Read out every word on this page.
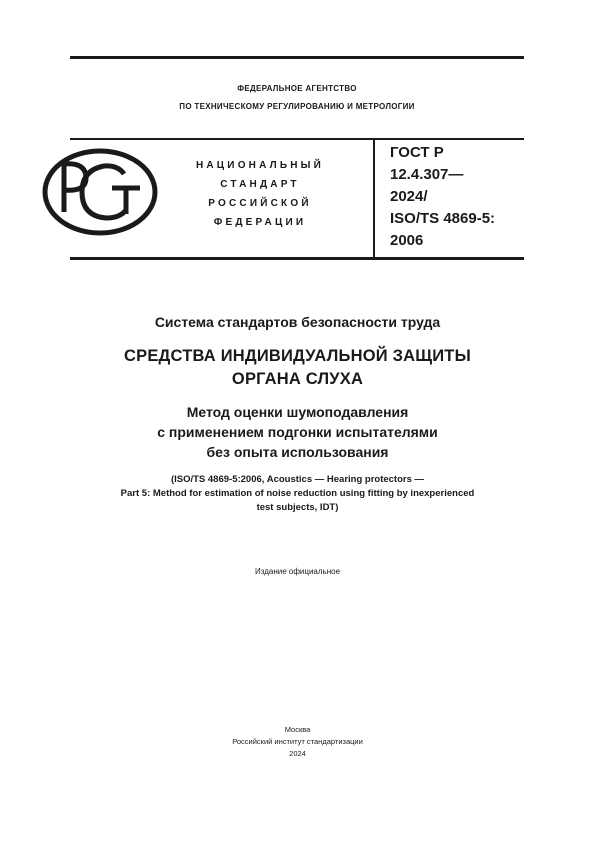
ФЕДЕРАЛЬНОЕ АГЕНТСТВО
ПО ТЕХНИЧЕСКОМУ РЕГУЛИРОВАНИЮ И МЕТРОЛОГИИ
НАЦИОНАЛЬНЫЙ
СТАНДАРТ
РОССИЙСКОЙ
ФЕДЕРАЦИИ
ГОСТ Р
12.4.307—
2024/
ISO/TS 4869-5:
2006
Система стандартов безопасности труда
СРЕДСТВА ИНДИВИДУАЛЬНОЙ ЗАЩИТЫ
ОРГАНА СЛУХА
Метод оценки шумоподавления
с применением подгонки испытателями
без опыта использования
(ISO/TS 4869-5:2006, Acoustics — Hearing protectors —
Part 5: Method for estimation of noise reduction using fitting by inexperienced
test subjects, IDT)
Издание официальное
Москва
Российский институт стандартизации
2024
